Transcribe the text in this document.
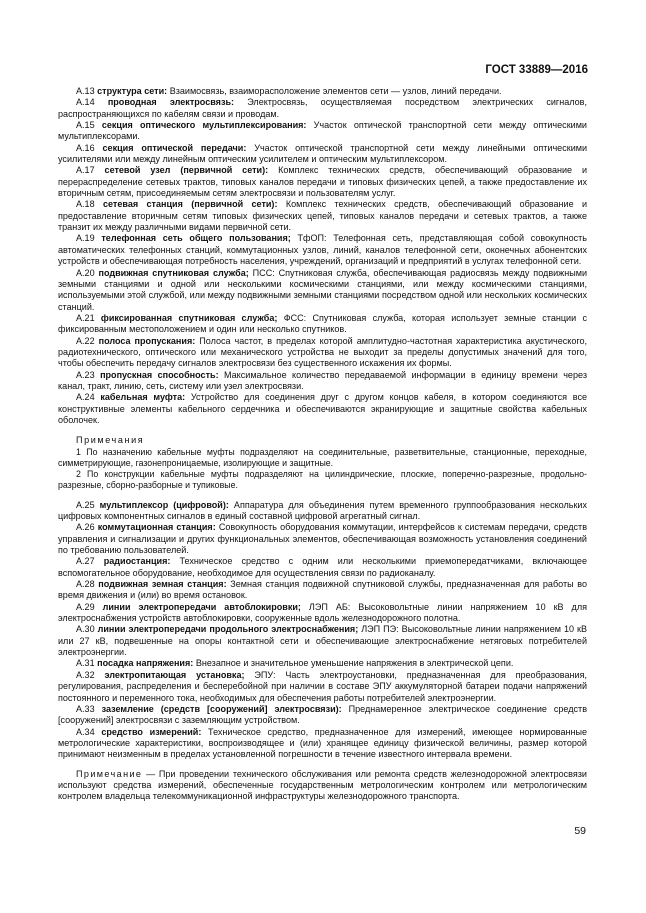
ГОСТ 33889—2016

А.13 структура сети: Взаимосвязь, взаиморасположение элементов сети — узлов, линий передачи.

А.14 проводная электросвязь: Электросвязь, осуществляемая посредством электрических сигналов, распространяющихся по кабелям связи и проводам.

А.15 секция оптического мультиплексирования: Участок оптической транспортной сети между оптическими мультиплексорами.

А.16 секция оптической передачи: Участок оптической транспортной сети между линейными оптическими усилителями или между линейным оптическим усилителем и оптическим мультиплексором.

А.17 сетевой узел (первичной сети): Комплекс технических средств, обеспечивающий образование и перераспределение сетевых трактов, типовых каналов передачи и типовых физических цепей, а также предоставление их вторичным сетям, присоединяемым сетям электросвязи и пользователям услуг.

А.18 сетевая станция (первичной сети): Комплекс технических средств, обеспечивающий образование и предоставление вторичным сетям типовых физических цепей, типовых каналов передачи и сетевых трактов, а также транзит их между различными видами первичной сети.

А.19 телефонная сеть общего пользования; ТфОП: Телефонная сеть, представляющая собой совокупность автоматических телефонных станций, коммутационных узлов, линий, каналов телефонной сети, оконечных абонентских устройств и обеспечивающая потребность населения, учреждений, организаций и предприятий в услугах телефонной сети.

А.20 подвижная спутниковая служба; ПСС: Спутниковая служба, обеспечивающая радиосвязь между подвижными земными станциями и одной или несколькими космическими станциями, или между космическими станциями, используемыми этой службой, или между подвижными земными станциями посредством одной или нескольких космических станций.

А.21 фиксированная спутниковая служба; ФСС: Спутниковая служба, которая использует земные станции с фиксированным местоположением и один или несколько спутников.

А.22 полоса пропускания: Полоса частот, в пределах которой амплитудно-частотная характеристика акустического, радиотехнического, оптического или механического устройства не выходит за пределы допустимых значений для того, чтобы обеспечить передачу сигналов электросвязи без существенного искажения их формы.

А.23 пропускная способность: Максимальное количество передаваемой информации в единицу времени через канал, тракт, линию, сеть, систему или узел электросвязи.

А.24 кабельная муфта: Устройство для соединения друг с другом концов кабеля, в котором соединяются все конструктивные элементы кабельного сердечника и обеспечиваются экранирующие и защитные свойства кабельных оболочек.

Примечания

1 По назначению кабельные муфты подразделяют на соединительные, разветвительные, станционные, переходные, симметрирующие, газонепроницаемые, изолирующие и защитные.

2 По конструкции кабельные муфты подразделяют на цилиндрические, плоские, поперечно-разрезные, продольно-разрезные, сборно-разборные и тупиковые.

А.25 мультиплексор (цифровой): Аппаратура для объединения путем временного группообразования нескольких цифровых компонентных сигналов в единый составной цифровой агрегатный сигнал.

А.26 коммутационная станция: Совокупность оборудования коммутации, интерфейсов к системам передачи, средств управления и сигнализации и других функциональных элементов, обеспечивающая возможность установления соединений по требованию пользователей.

А.27 радиостанция: Техническое средство с одним или несколькими приемопередатчиками, включающее вспомогательное оборудование, необходимое для осуществления связи по радиоканалу.

А.28 подвижная земная станция: Земная станция подвижной спутниковой службы, предназначенная для работы во время движения и (или) во время остановок.

А.29 линии электропередачи автоблокировки; ЛЭП АБ: Высоковольтные линии напряжением 10 кВ для электроснабжения устройств автоблокировки, сооруженные вдоль железнодорожного полотна.

А.30 линии электропередачи продольного электроснабжения; ЛЭП ПЭ: Высоковольтные линии напряжением 10 кВ или 27 кВ, подвешенные на опоры контактной сети и обеспечивающие электроснабжение нетяговых потребителей электроэнергии.

А.31 посадка напряжения: Внезапное и значительное уменьшение напряжения в электрической цепи.

А.32 электропитающая установка; ЭПУ: Часть электроустановки, предназначенная для преобразования, регулирования, распределения и бесперебойной при наличии в составе ЭПУ аккумуляторной батареи подачи напряжений постоянного и переменного тока, необходимых для обеспечения работы потребителей электроэнергии.

А.33 заземление (средств [сооружений] электросвязи): Преднамеренное электрическое соединение средств [сооружений] электросвязи с заземляющим устройством.

А.34 средство измерений: Техническое средство, предназначенное для измерений, имеющее нормированные метрологические характеристики, воспроизводящее и (или) хранящее единицу физической величины, размер которой принимают неизменным в пределах установленной погрешности в течение известного интервала времени.

Примечание — При проведении технического обслуживания или ремонта средств железнодорожной электросвязи используют средства измерений, обеспеченные государственным метрологическим контролем или метрологическим контролем владельца телекоммуникационной инфраструктуры железнодорожного транспорта.

59
